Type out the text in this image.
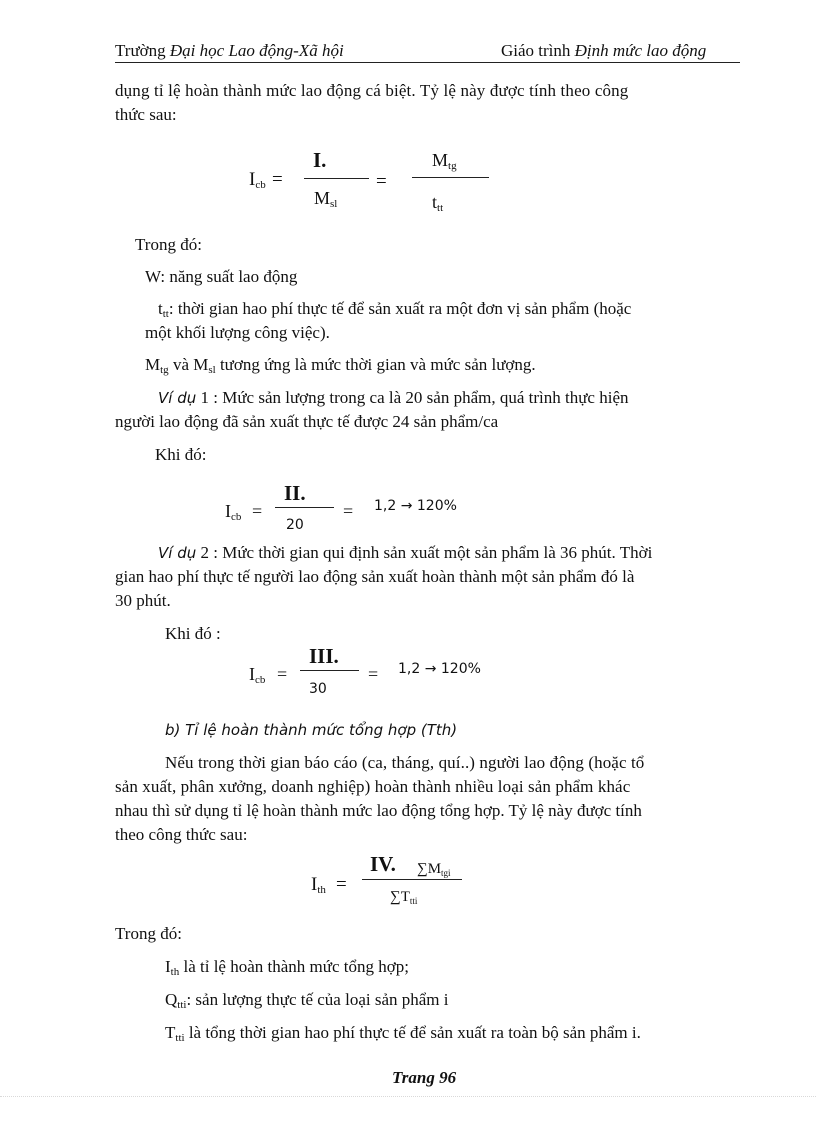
Trường Đại học Lao động-Xã hội	Giáo trình Định mức lao động
dụng tỉ lệ hoàn thành mức lao động cá biệt. Tỷ lệ này được tính theo công
thức sau:
$I_{cb}$ =
I.
$M_{sl}$
=
$M_{tg}$
$t_{tt}$
Trong đó:
W: năng suất lao động
$t_{tt}$: thời gian hao phí thực tế để sản xuất ra một đơn vị sản phẩm (hoặc
một khối lượng công việc).
$M_{tg}$ và $M_{sl}$ tương ứng là mức thời gian và mức sản lượng.
Ví dụ 1 : Mức sản lượng trong ca là 20 sản phẩm, quá trình thực hiện
người lao động đã sản xuất thực tế được 24 sản phẩm/ca
Khi đó:
$I_{cb}$ =
II.
20
= 1,2 → 120%
Ví dụ 2 : Mức thời gian qui định sản xuất một sản phẩm là 36 phút. Thời
gian hao phí thực tế người lao động sản xuất hoàn thành một sản phẩm đó là
30 phút.
Khi đó :
$I_{cb}$ =
III.
30
= 1,2 → 120%
b) Tỉ lệ hoàn thành mức tổng hợp (Tth)
Nếu trong thời gian báo cáo (ca, tháng, quí..) người lao động (hoặc tổ
sản xuất, phân xưởng, doanh nghiệp) hoàn thành nhiều loại sản phẩm khác
nhau thì sử dụng tỉ lệ hoàn thành mức lao động tổng hợp. Tỷ lệ này được tính
theo công thức sau:
$I_{th}$ =
IV. $\sum M_{tgi}$
$\sum T_{tti}$
Trong đó:
$I_{th}$ là tỉ lệ hoàn thành mức tổng hợp;
$Q_{tti}$: sản lượng thực tế của loại sản phẩm i
$T_{tti}$ là tổng thời gian hao phí thực tế để sản xuất ra toàn bộ sản phẩm i.
Trang 96
